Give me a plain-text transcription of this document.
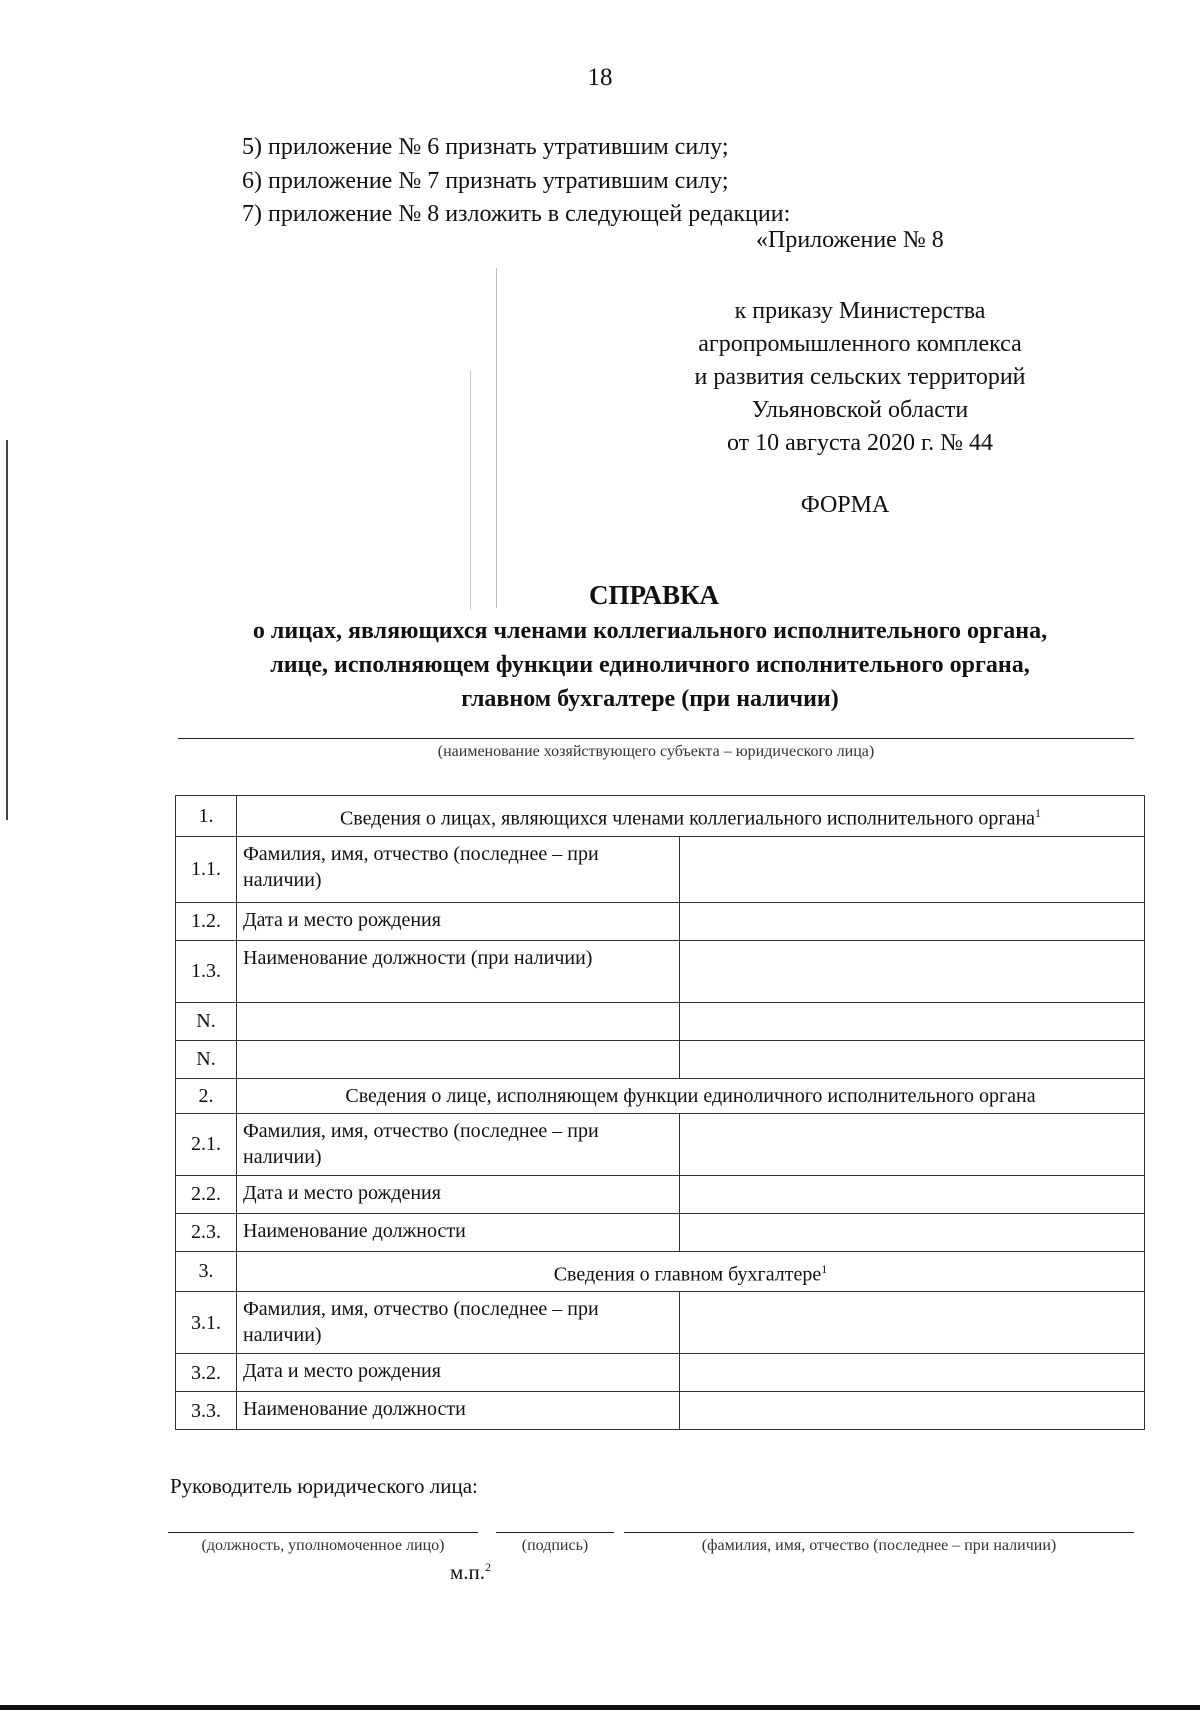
18
5) приложение № 6 признать утратившим силу;
6) приложение № 7 признать утратившим силу;
7) приложение № 8 изложить в следующей редакции:
«Приложение № 8
к приказу Министерства
агропромышленного комплекса
и развития сельских территорий
Ульяновской области
от 10 августа 2020 г. № 44
ФОРМА
СПРАВКА
о лицах, являющихся членами коллегиального исполнительного органа,
лице, исполняющем функции единоличного исполнительного органа,
главном бухгалтере (при наличии)
(наименование хозяйствующего субъекта – юридического лица)
1.	Сведения о лицах, являющихся членами коллегиального исполнительного органа$^1$
1.1.	Фамилия, имя, отчество (последнее – при наличии)	
1.2.	Дата и место рождения	
1.3.	Наименование должности (при наличии)	
N.		
N.		
2.	Сведения о лице, исполняющем функции единоличного исполнительного органа	
2.1.	Фамилия, имя, отчество (последнее – при наличии)	
2.2.	Дата и место рождения	
2.3.	Наименование должности	
3.	Сведения о главном бухгалтере$^1$
3.1.	Фамилия, имя, отчество (последнее – при наличии)	
3.2.	Дата и место рождения	
3.3.	Наименование должности	
Руководитель юридического лица:
(должность, уполномоченное лицо)	(подпись)	(фамилия, имя, отчество (последнее – при наличии)
м.п.$^2$
